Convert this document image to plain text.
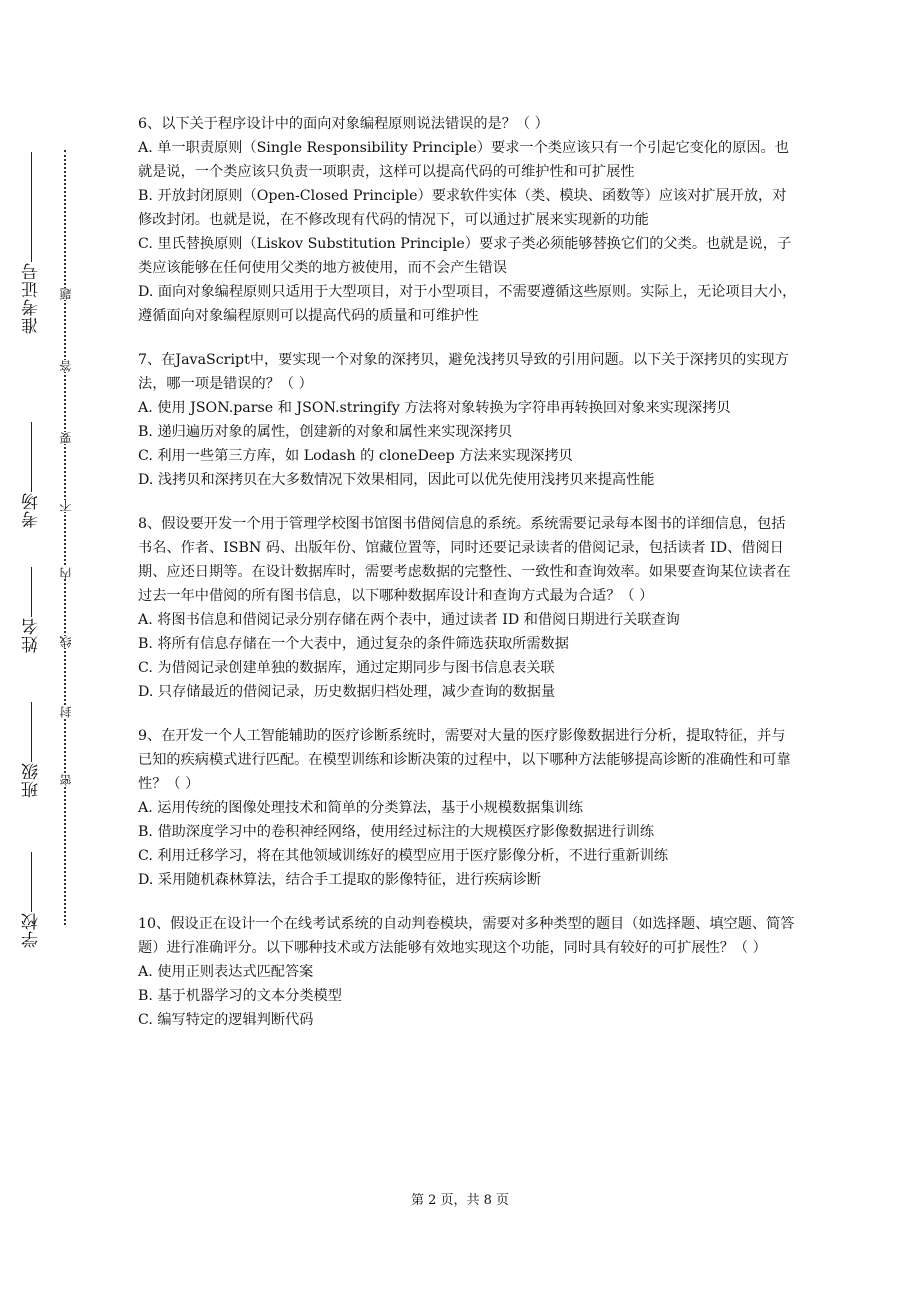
准考证号
考场
姓名
班级
学校
题
答
要
不
内
线
封
密

6、以下关于程序设计中的面向对象编程原则说法错误的是？（ ）

A. 单一职责原则（Single Responsibility Principle）要求一个类应该只有一个引起它变化的原因。也就是说，一个类应该只负责一项职责，这样可以提高代码的可维护性和可扩展性

B. 开放封闭原则（Open-Closed Principle）要求软件实体（类、模块、函数等）应该对扩展开放，对修改封闭。也就是说，在不修改现有代码的情况下，可以通过扩展来实现新的功能

C. 里氏替换原则（Liskov Substitution Principle）要求子类必须能够替换它们的父类。也就是说，子类应该能够在任何使用父类的地方被使用，而不会产生错误

D. 面向对象编程原则只适用于大型项目，对于小型项目，不需要遵循这些原则。实际上，无论项目大小，遵循面向对象编程原则可以提高代码的质量和可维护性

7、在JavaScript中，要实现一个对象的深拷贝，避免浅拷贝导致的引用问题。以下关于深拷贝的实现方法，哪一项是错误的？（ ）

A. 使用 JSON.parse 和 JSON.stringify 方法将对象转换为字符串再转换回对象来实现深拷贝

B. 递归遍历对象的属性，创建新的对象和属性来实现深拷贝

C. 利用一些第三方库，如 Lodash 的 cloneDeep 方法来实现深拷贝

D. 浅拷贝和深拷贝在大多数情况下效果相同，因此可以优先使用浅拷贝来提高性能

8、假设要开发一个用于管理学校图书馆图书借阅信息的系统。系统需要记录每本图书的详细信息，包括书名、作者、ISBN 码、出版年份、馆藏位置等，同时还要记录读者的借阅记录，包括读者 ID、借阅日期、应还日期等。在设计数据库时，需要考虑数据的完整性、一致性和查询效率。如果要查询某位读者在过去一年中借阅的所有图书信息，以下哪种数据库设计和查询方式最为合适？（ ）

A. 将图书信息和借阅记录分别存储在两个表中，通过读者 ID 和借阅日期进行关联查询

B. 将所有信息存储在一个大表中，通过复杂的条件筛选获取所需数据

C. 为借阅记录创建单独的数据库，通过定期同步与图书信息表关联

D. 只存储最近的借阅记录，历史数据归档处理，减少查询的数据量

9、在开发一个人工智能辅助的医疗诊断系统时，需要对大量的医疗影像数据进行分析，提取特征，并与已知的疾病模式进行匹配。在模型训练和诊断决策的过程中，以下哪种方法能够提高诊断的准确性和可靠性？（ ）

A. 运用传统的图像处理技术和简单的分类算法，基于小规模数据集训练

B. 借助深度学习中的卷积神经网络，使用经过标注的大规模医疗影像数据进行训练

C. 利用迁移学习，将在其他领域训练好的模型应用于医疗影像分析，不进行重新训练

D. 采用随机森林算法，结合手工提取的影像特征，进行疾病诊断

10、假设正在设计一个在线考试系统的自动判卷模块，需要对多种类型的题目（如选择题、填空题、简答题）进行准确评分。以下哪种技术或方法能够有效地实现这个功能，同时具有较好的可扩展性？（ ）

A. 使用正则表达式匹配答案

B. 基于机器学习的文本分类模型

C. 编写特定的逻辑判断代码

第 2 页，共 8 页
